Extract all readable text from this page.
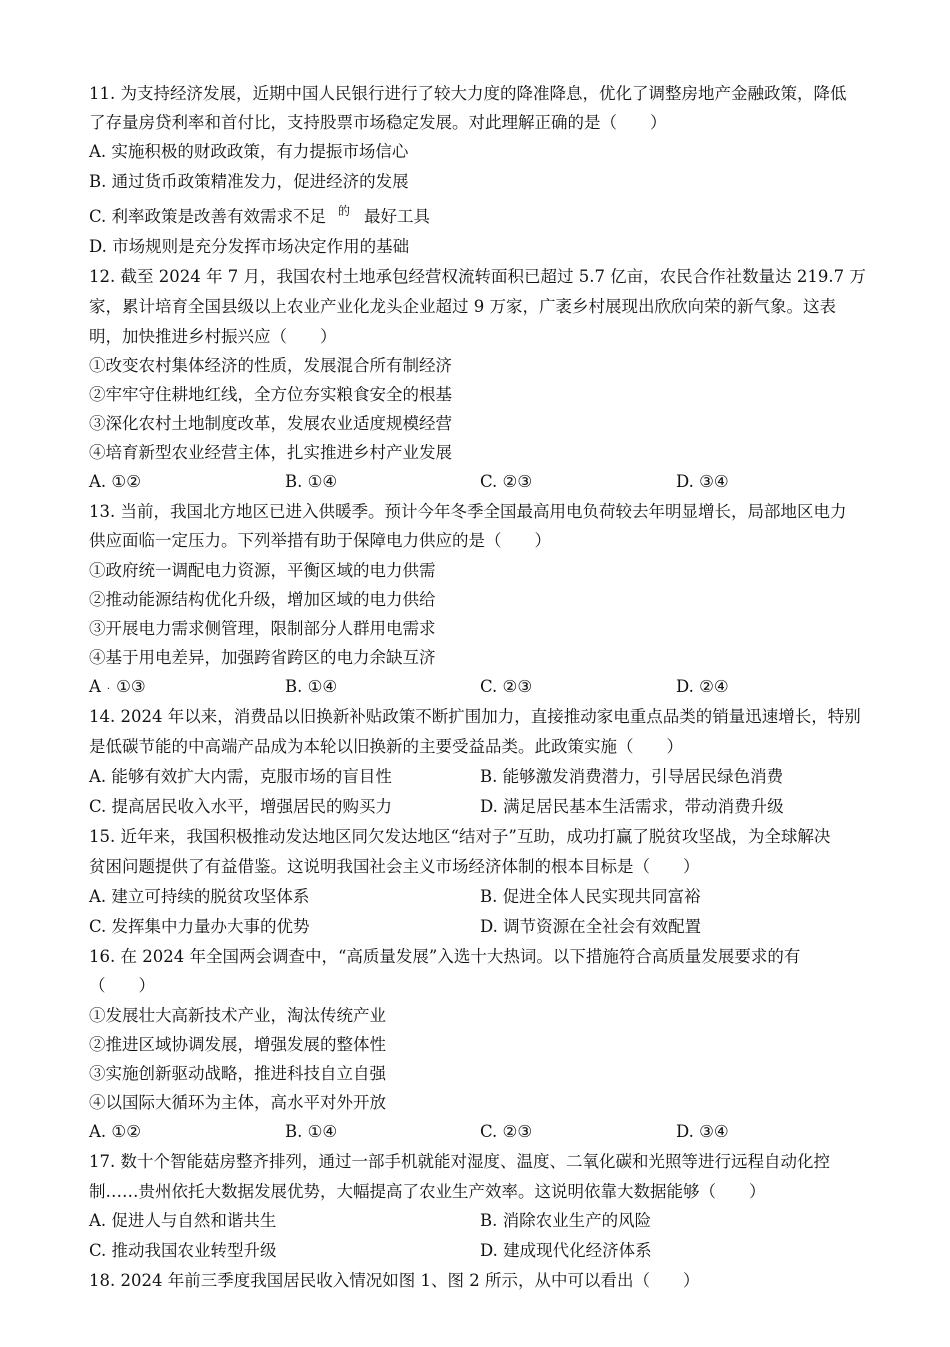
11. 为支持经济发展，近期中国人民银行进行了较大力度的降准降息，优化了调整房地产金融政策，降低
了存量房贷利率和首付比，支持股票市场稳定发展。对此理解正确的是（　　）
A. 实施积极的财政政策，有力提振市场信心
B. 通过货币政策精准发力，促进经济的发展
C. 利率政策是改善有效需求不足 的 最好工具
D. 市场规则是充分发挥市场决定作用的基础
12. 截至 2024 年 7 月，我国农村土地承包经营权流转面积已超过 5.7 亿亩，农民合作社数量达 219.7 万
家，累计培育全国县级以上农业产业化龙头企业超过 9 万家，广袤乡村展现出欣欣向荣的新气象。这表
明，加快推进乡村振兴应（　　）
①改变农村集体经济的性质，发展混合所有制经济
②牢牢守住耕地红线，全方位夯实粮食安全的根基
③深化农村土地制度改革，发展农业适度规模经营
④培育新型农业经营主体，扎实推进乡村产业发展
A. ①②	B. ①④	C. ②③	D. ③④
13. 当前，我国北方地区已进入供暖季。预计今年冬季全国最高用电负荷较去年明显增长，局部地区电力
供应面临一定压力。下列举措有助于保障电力供应的是（　　）
①政府统一调配电力资源，平衡区域的电力供需
②推动能源结构优化升级，增加区域的电力供给
③开展电力需求侧管理，限制部分人群用电需求
④基于用电差异，加强跨省跨区的电力余缺互济
A · ①③	B. ①④	C. ②③	D. ②④
14. 2024 年以来，消费品以旧换新补贴政策不断扩围加力，直接推动家电重点品类的销量迅速增长，特别
是低碳节能的中高端产品成为本轮以旧换新的主要受益品类。此政策实施（　　）
A. 能够有效扩大内需，克服市场的盲目性	B. 能够激发消费潜力，引导居民绿色消费
C. 提高居民收入水平，增强居民的购买力	D. 满足居民基本生活需求，带动消费升级
15. 近年来，我国积极推动发达地区同欠发达地区“结对子”互助，成功打赢了脱贫攻坚战，为全球解决
贫困问题提供了有益借鉴。这说明我国社会主义市场经济体制的根本目标是（　　）
A. 建立可持续的脱贫攻坚体系	B. 促进全体人民实现共同富裕
C. 发挥集中力量办大事的优势	D. 调节资源在全社会有效配置
16. 在 2024 年全国两会调查中，“高质量发展”入选十大热词。以下措施符合高质量发展要求的有
（　　）
①发展壮大高新技术产业，淘汰传统产业
②推进区域协调发展，增强发展的整体性
③实施创新驱动战略，推进科技自立自强
④以国际大循环为主体，高水平对外开放
A. ①②	B. ①④	C. ②③	D. ③④
17. 数十个智能菇房整齐排列，通过一部手机就能对湿度、温度、二氧化碳和光照等进行远程自动化控
制……贵州依托大数据发展优势，大幅提高了农业生产效率。这说明依靠大数据能够（　　）
A. 促进人与自然和谐共生	B. 消除农业生产的风险
C. 推动我国农业转型升级	D. 建成现代化经济体系
18. 2024 年前三季度我国居民收入情况如图 1、图 2 所示，从中可以看出（　　）
